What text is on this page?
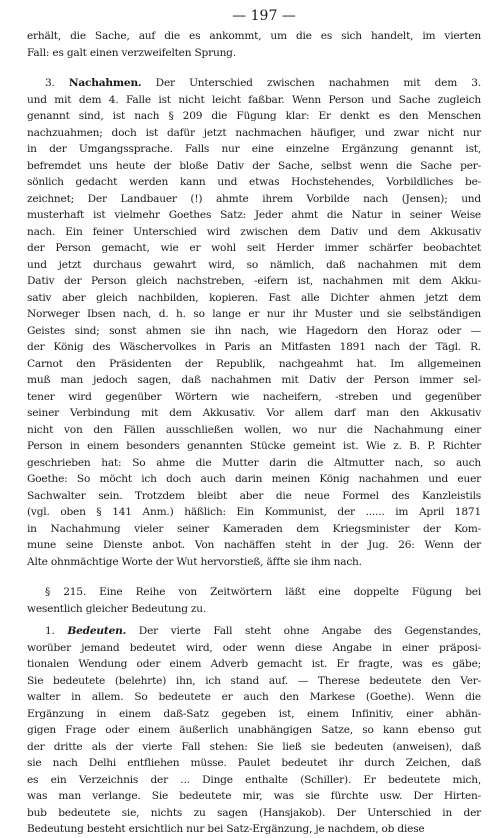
— 197 —
erhält, die Sache, auf die es ankommt, um die es sich handelt, im vierten
Fall: es galt einen verzweifelten Sprung.
3. Nachahmen. Der Unterschied zwischen nachahmen mit dem 3.
und mit dem 4. Falle ist nicht leicht faßbar. Wenn Person und Sache zugleich
genannt sind, ist nach § 209 die Fügung klar: Er denkt es den Menschen
nachzuahmen; doch ist dafür jetzt nachmachen häufiger, und zwar nicht nur
in der Umgangssprache. Falls nur eine einzelne Ergänzung genannt ist,
befremdet uns heute der bloße Dativ der Sache, selbst wenn die Sache per-
sönlich gedacht werden kann und etwas Hochstehendes, Vorbildliches be-
zeichnet; Der Landbauer (!) ahmte ihrem Vorbilde nach (Jensen); und
musterhaft ist vielmehr Goethes Satz: Jeder ahmt die Natur in seiner Weise
nach. Ein feiner Unterschied wird zwischen dem Dativ und dem Akkusativ
der Person gemacht, wie er wohl seit Herder immer schärfer beobachtet
und jetzt durchaus gewahrt wird, so nämlich, daß nachahmen mit dem
Dativ der Person gleich nachstreben, -eifern ist, nachahmen mit dem Akku-
sativ aber gleich nachbilden, kopieren. Fast alle Dichter ahmen jetzt dem
Norweger Ibsen nach, d. h. so lange er nur ihr Muster und sie selbständigen
Geistes sind; sonst ahmen sie ihn nach, wie Hagedorn den Horaz oder —
der König des Wäschervolkes in Paris an Mitfasten 1891 nach der Tägl. R.
Carnot den Präsidenten der Republik, nachgeahmt hat. Im allgemeinen
muß man jedoch sagen, daß nachahmen mit Dativ der Person immer sel-
tener wird gegenüber Wörtern wie nacheifern, -streben und gegenüber
seiner Verbindung mit dem Akkusativ. Vor allem darf man den Akkusativ
nicht von den Fällen ausschließen wollen, wo nur die Nachahmung einer
Person in einem besonders genannten Stücke gemeint ist. Wie z. B. P. Richter
geschrieben hat: So ahme die Mutter darin die Altmutter nach, so auch
Goethe: So möcht ich doch auch darin meinen König nachahmen und euer
Sachwalter sein. Trotzdem bleibt aber die neue Formel des Kanzleistils
(vgl. oben § 141 Anm.) häßlich: Ein Kommunist, der ...... im April 1871
in Nachahmung vieler seiner Kameraden dem Kriegsminister der Kom-
mune seine Dienste anbot. Von nachäffen steht in der Jug. 26: Wenn der
Alte ohnmächtige Worte der Wut hervorstieß, äffte sie ihm nach.
§ 215. Eine Reihe von Zeitwörtern läßt eine doppelte Fügung bei
wesentlich gleicher Bedeutung zu.
1. Bedeuten. Der vierte Fall steht ohne Angabe des Gegenstandes,
worüber jemand bedeutet wird, oder wenn diese Angabe in einer präposi-
tionalen Wendung oder einem Adverb gemacht ist. Er fragte, was es gäbe;
Sie bedeutete (belehrte) ihn, ich stand auf. — Therese bedeutete den Ver-
walter in allem. So bedeutete er auch den Markese (Goethe). Wenn die
Ergänzung in einem daß-Satz gegeben ist, einem Infinitiv, einer abhän-
gigen Frage oder einem äußerlich unabhängigen Satze, so kann ebenso gut
der dritte als der vierte Fall stehen: Sie ließ sie bedeuten (anweisen), daß
sie nach Delhi entfliehen müsse. Paulet bedeutet ihr durch Zeichen, daß
es ein Verzeichnis der ... Dinge enthalte (Schiller). Er bedeutete mich,
was man verlange. Sie bedeutete mir, was sie fürchte usw. Der Hirten-
bub bedeutete sie, nichts zu sagen (Hansjakob). Der Unterschied in der
Bedeutung besteht ersichtlich nur bei Satz-Ergänzung, je nachdem, ob diese
